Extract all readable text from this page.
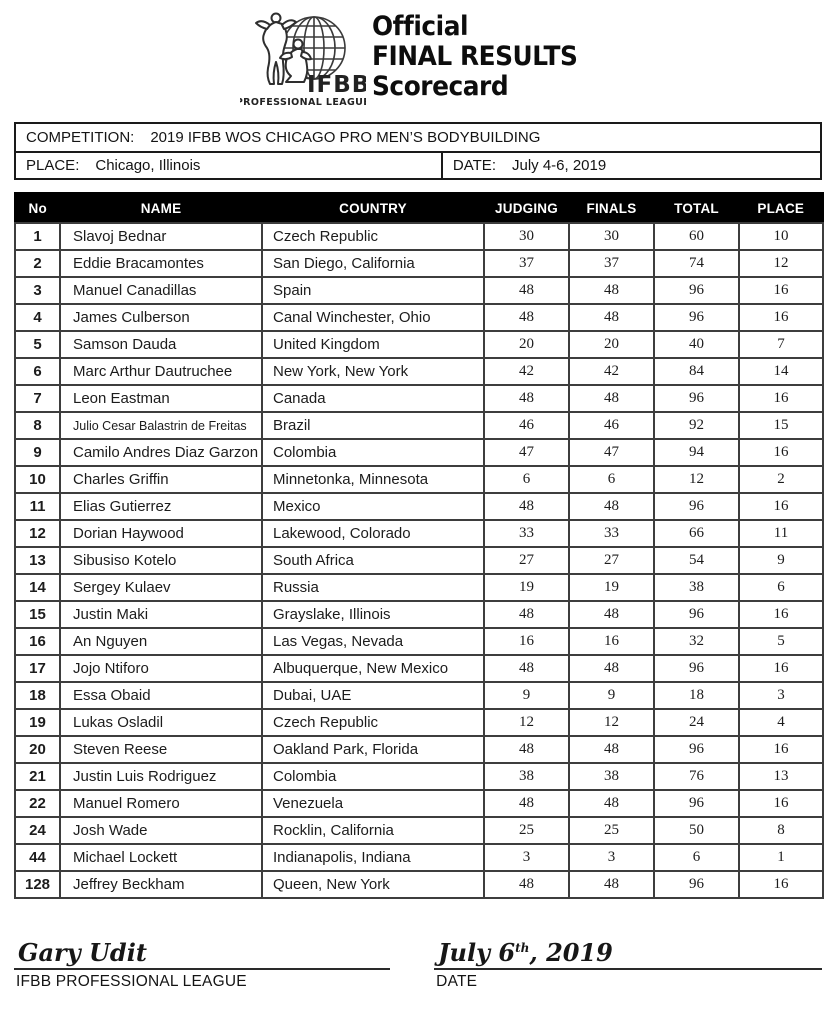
IFBB
PROFESSIONAL LEAGUE
Official
FINAL RESULTS
Scorecard
COMPETITION: 2019 IFBB WOS CHICAGO PRO MEN’S BODYBUILDING
PLACE: Chicago, Illinois	DATE: July 4-6, 2019
No	NAME	COUNTRY	JUDGING	FINALS	TOTAL	PLACE
1	Slavoj Bednar	Czech Republic	30	30	60	10
2	Eddie Bracamontes	San Diego, California	37	37	74	12
3	Manuel Canadillas	Spain	48	48	96	16
4	James Culberson	Canal Winchester, Ohio	48	48	96	16
5	Samson Dauda	United Kingdom	20	20	40	7
6	Marc Arthur Dautruchee	New York, New York	42	42	84	14
7	Leon Eastman	Canada	48	48	96	16
8	Julio Cesar Balastrin de Freitas	Brazil	46	46	92	15
9	Camilo Andres Diaz Garzon	Colombia	47	47	94	16
10	Charles Griffin	Minnetonka, Minnesota	6	6	12	2
11	Elias Gutierrez	Mexico	48	48	96	16
12	Dorian Haywood	Lakewood, Colorado	33	33	66	11
13	Sibusiso Kotelo	South Africa	27	27	54	9
14	Sergey Kulaev	Russia	19	19	38	6
15	Justin Maki	Grayslake, Illinois	48	48	96	16
16	An Nguyen	Las Vegas, Nevada	16	16	32	5
17	Jojo Ntiforo	Albuquerque, New Mexico	48	48	96	16
18	Essa Obaid	Dubai, UAE	9	9	18	3
19	Lukas Osladil	Czech Republic	12	12	24	4
20	Steven Reese	Oakland Park, Florida	48	48	96	16
21	Justin Luis Rodriguez	Colombia	38	38	76	13
22	Manuel Romero	Venezuela	48	48	96	16
24	Josh Wade	Rocklin, California	25	25	50	8
44	Michael Lockett	Indianapolis, Indiana	3	3	6	1
128	Jeffrey Beckham	Queen, New York	48	48	96	16
Gary Udit
IFBB PROFESSIONAL LEAGUE
July 6th, 2019
DATE
